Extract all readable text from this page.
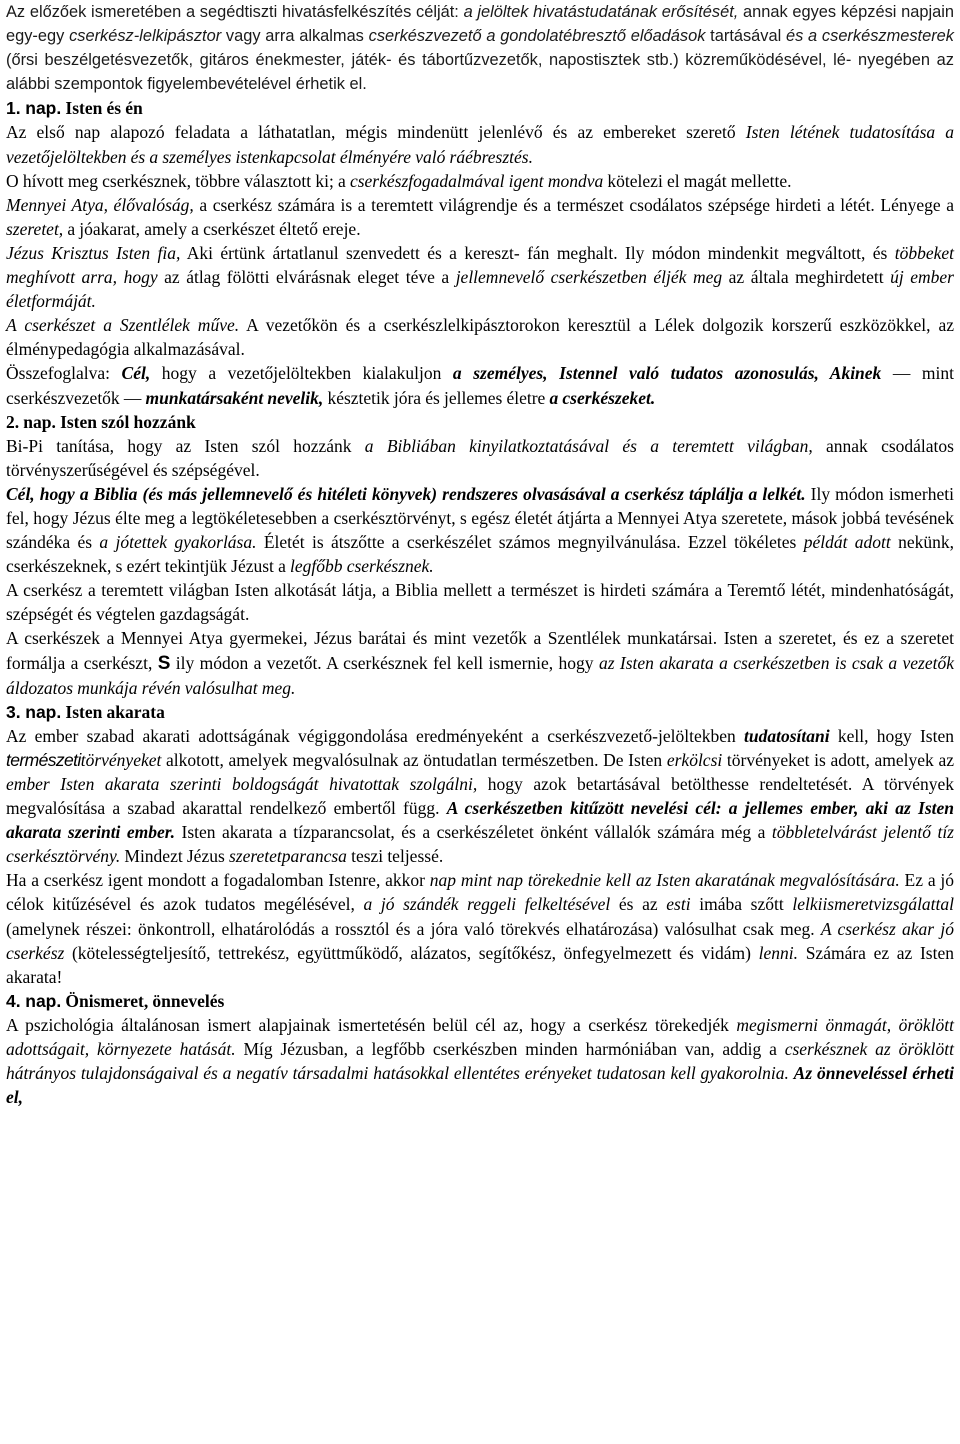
Az előzőek ismeretében a segédtiszti hivatásfelkészítés célját: a jelöltek hivatástudatának erősítését, annak egyes képzési napjain egy-egy cserkész-lelkipásztor vagy arra alkalmas cserkészvezető a gondolatébresztő előadások tartásával és a cserkészmesterek (őrsi beszélgetésvezetők, gitáros énekmester, játék- és tábortűzvezetők, napostisztek stb.) közreműködésével, lé- nyegében az alábbi szempontok figyelembevételével érhetik el.

1. nap. Isten és én

Az első nap alapozó feladata a láthatatlan, mégis mindenütt jelenlévő és az embereket szerető Isten létének tudatosítása a vezetőjelöltekben és a személyes istenkapcsolat élményére való ráébresztés.

O hívott meg cserkésznek, többre választott ki; a cserkészfogadalmával igent mondva kötelezi el magát mellette.

Mennyei Atya, élővalóság, a cserkész számára is a teremtett világrendje és a természet csodálatos szépsége hirdeti a létét. Lényege a szeretet, a jóakarat, amely a cserkészet éltető ereje.

Jézus Krisztus Isten fia, Aki értünk ártatlanul szenvedett és a kereszt- fán meghalt. Ily módon mindenkit megváltott, és többeket meghívott arra, hogy az átlag fölötti elvárásnak eleget téve a jellemnevelő cserkészetben éljék meg az általa meghirdetett új ember életformáját.

A cserkészet a Szentlélek műve. A vezetőkön és a cserkészlelkipásztorokon keresztül a Lélek dolgozik korszerű eszközökkel, az élménypedagógia alkalmazásával.

Összefoglalva: Cél, hogy a vezetőjelöltekben kialakuljon a személyes, Istennel való tudatos azonosulás, Akinek — mint cserkészvezetők — munkatársaként nevelik, késztetik jóra és jellemes életre a cserkészeket.

2. nap. Isten szól hozzánk

Bi-Pi tanítása, hogy az Isten szól hozzánk a Bibliában kinyilatkoztatásával és a teremtett világban, annak csodálatos törvényszerűségével és szépségével.

Cél, hogy a Biblia (és más jellemnevelő és hitéleti könyvek) rendszeres olvasásával a cserkész táplálja a lelkét. Ily módon ismerheti fel, hogy Jézus élte meg a legtökéletesebben a cserkésztörvényt, s egész életét átjárta a Mennyei Atya szeretete, mások jobbá tevésének szándéka és a jótettek gyakorlása. Életét is átszőtte a cserkészélet számos megnyilvánulása. Ezzel tökéletes példát adott nekünk, cserkészeknek, s ezért tekintjük Jézust a legfőbb cserkésznek.

A cserkész a teremtett világban Isten alkotását látja, a Biblia mellett a természet is hirdeti számára a Teremtő létét, mindenhatóságát, szépségét és végtelen gazdagságát.

A cserkészek a Mennyei Atya gyermekei, Jézus barátai és mint vezetők a Szentlélek munkatársai. Isten a szeretet, és ez a szeretet formálja a cserkészt, S ily módon a vezetőt. A cserkésznek fel kell ismernie, hogy az Isten akarata a cserkészetben is csak a vezetők áldozatos munkája révén valósulhat meg.

3. nap. Isten akarata

Az ember szabad akarati adottságának végiggondolása eredményeként a cserkészvezető-jelöltekben tudatosítani kell, hogy Isten természetitörvényeket alkotott, amelyek megvalósulnak az öntudatlan természetben. De Isten erkölcsi törvényeket is adott, amelyek az ember Isten akarata szerinti boldogságát hivatottak szolgálni, hogy azok betartásával betölthesse rendeltetését. A törvények megvalósítása a szabad akarattal rendelkező embertől függ. A cserkészetben kitűzött nevelési cél: a jellemes ember, aki az Isten akarata szerinti ember. Isten akarata a tízparancsolat, és a cserkészéletet önként vállalók számára még a többletelvárást jelentő tíz cserkésztörvény. Mindezt Jézus szeretetparancsa teszi teljessé.

Ha a cserkész igent mondott a fogadalomban Istenre, akkor nap mint nap törekednie kell az Isten akaratának megvalósítására. Ez a jó célok kitűzésével és azok tudatos megélésével, a jó szándék reggeli felkeltésével és az esti imába szőtt lelkiismeretvizsgálattal (amelynek részei: önkontroll, elhatárolódás a rossztól és a jóra való törekvés elhatározása) valósulhat csak meg. A cserkész akar jó cserkész (kötelességteljesítő, tettrekész, együttműködő, alázatos, segítőkész, önfegyelmezett és vidám) lenni. Számára ez az Isten akarata!

4. nap. Önismeret, önnevelés

A pszichológia általánosan ismert alapjainak ismertetésén belül cél az, hogy a cserkész törekedjék megismerni önmagát, öröklött adottságait, környezete hatását. Míg Jézusban, a legfőbb cserkészben minden harmóniában van, addig a cserkésznek az öröklött hátrányos tulajdonságaival és a negatív társadalmi hatásokkal ellentétes erényeket tudatosan kell gyakorolnia. Az önneveléssel érheti el,
